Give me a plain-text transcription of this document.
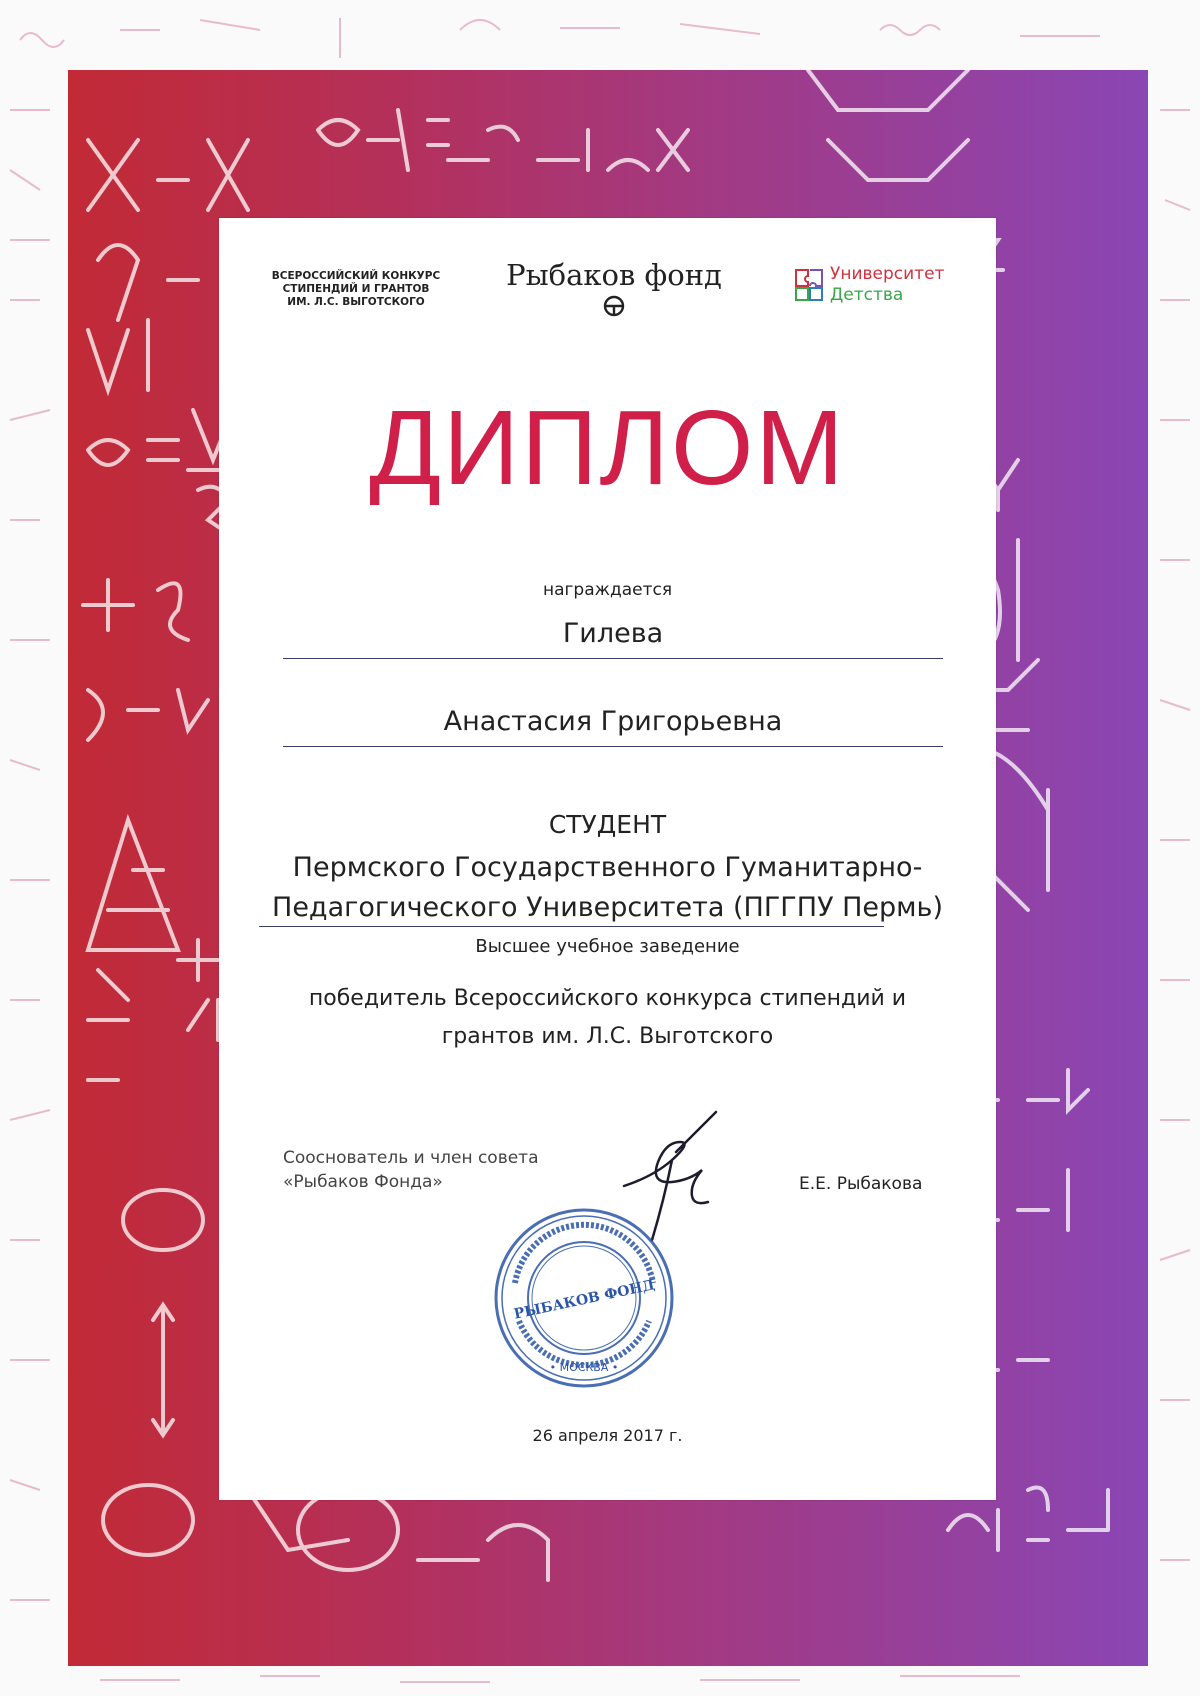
ВСЕРОССИЙСКИЙ КОНКУРС
СТИПЕНДИЙ И ГРАНТОВ
ИМ. Л.С. ВЫГОТСКОГО
Рыбаков фонд	Университет
Детства
ДИПЛОМ
награждается
Гилева
Анастасия Григорьевна
СТУДЕНТ
Пермского Государственного Гуманитарно-
Педагогического Университета (ПГГПУ Пермь)
Высшее учебное заведение
победитель Всероссийского конкурса стипендий и
грантов им. Л.С. Выготского
Сооснователь и член совета
«Рыбаков Фонда»	Е.Е. Рыбакова
РЫБАКОВ ФОНД
• МОСКВА •
26 апреля 2017 г.
